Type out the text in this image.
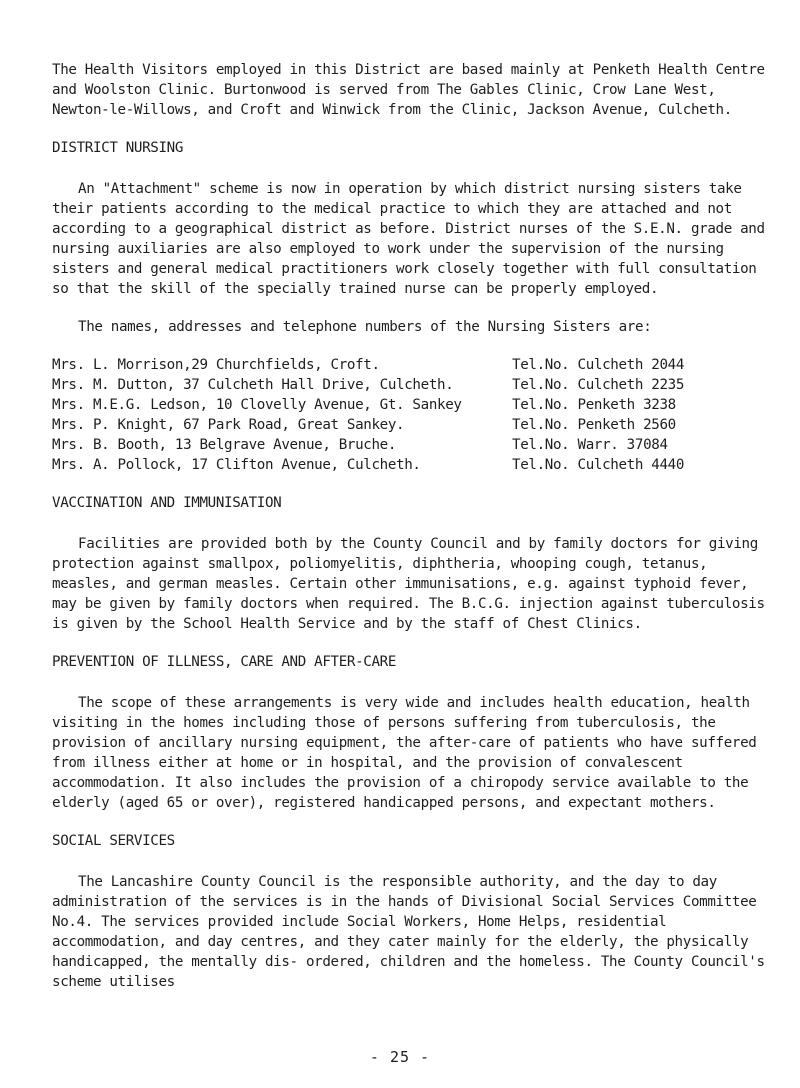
The Health Visitors employed in this District are based mainly at Penketh Health Centre and Woolston Clinic. Burtonwood is served from The Gables Clinic, Crow Lane West, Newton-le-Willows, and Croft and Winwick from the Clinic, Jackson Avenue, Culcheth.

DISTRICT NURSING

An "Attachment" scheme is now in operation by which district nursing sisters take their patients according to the medical practice to which they are attached and not according to a geographical district as before. District nurses of the S.E.N. grade and nursing auxiliaries are also employed to work under the supervision of the nursing sisters and general medical practitioners work closely together with full consultation so that the skill of the specially trained nurse can be properly employed.

The names, addresses and telephone numbers of the Nursing Sisters are:

Mrs. L. Morrison,29 Churchfields, Croft.	Tel.No. Culcheth 2044
Mrs. M. Dutton, 37 Culcheth Hall Drive, Culcheth.	Tel.No. Culcheth 2235
Mrs. M.E.G. Ledson, 10 Clovelly Avenue, Gt. Sankey	Tel.No. Penketh 3238
Mrs. P. Knight, 67 Park Road, Great Sankey.	Tel.No. Penketh 2560
Mrs. B. Booth, 13 Belgrave Avenue, Bruche.	Tel.No. Warr. 37084
Mrs. A. Pollock, 17 Clifton Avenue, Culcheth.	Tel.No. Culcheth 4440

VACCINATION AND IMMUNISATION

Facilities are provided both by the County Council and by family doctors for giving protection against smallpox, poliomyelitis, diphtheria, whooping cough, tetanus, measles, and german measles. Certain other immunisations, e.g. against typhoid fever, may be given by family doctors when required. The B.C.G. injection against tuberculosis is given by the School Health Service and by the staff of Chest Clinics.

PREVENTION OF ILLNESS, CARE AND AFTER-CARE

The scope of these arrangements is very wide and includes health education, health visiting in the homes including those of persons suffering from tuberculosis, the provision of ancillary nursing equipment, the after-care of patients who have suffered from illness either at home or in hospital, and the provision of convalescent accommodation. It also includes the provision of a chiropody service available to the elderly (aged 65 or over), registered handicapped persons, and expectant mothers.

SOCIAL SERVICES

The Lancashire County Council is the responsible authority, and the day to day administration of the services is in the hands of Divisional Social Services Committee No.4. The services provided include Social Workers, Home Helps, residential accommodation, and day centres, and they cater mainly for the elderly, the physically handicapped, the mentally dis- ordered, children and the homeless. The County Council's scheme utilises

- 25 -
